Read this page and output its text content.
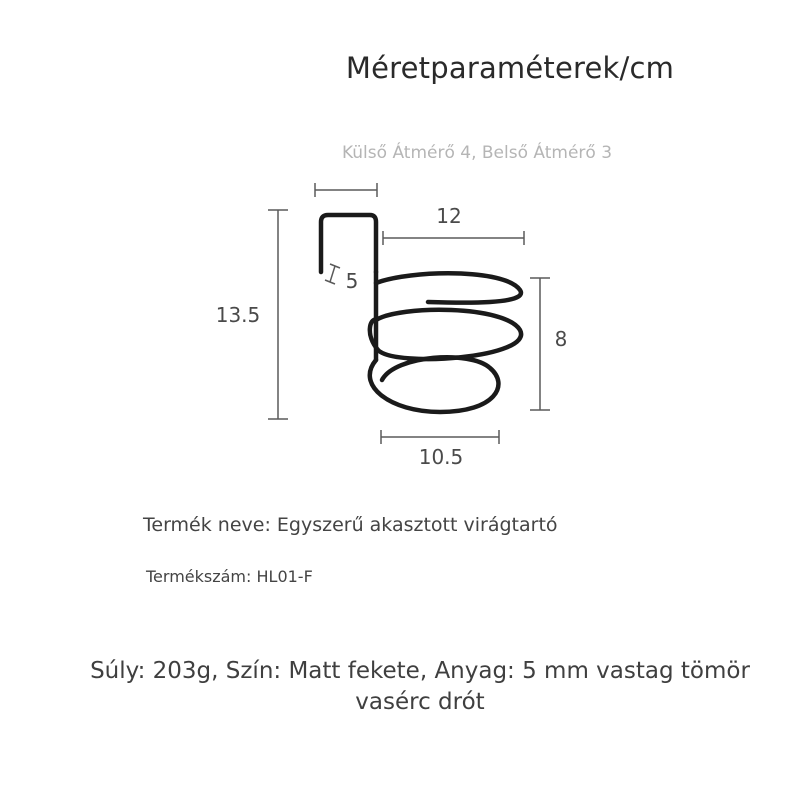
Méretparaméterek/cm
Külső Átmérő 4, Belső Átmérő 3
12
5
13.5
8
10.5
Termék neve: Egyszerű akasztott virágtartó
Termékszám: HL01-F
Súly: 203g, Szín: Matt fekete, Anyag: 5 mm vastag tömör vasérc drót
